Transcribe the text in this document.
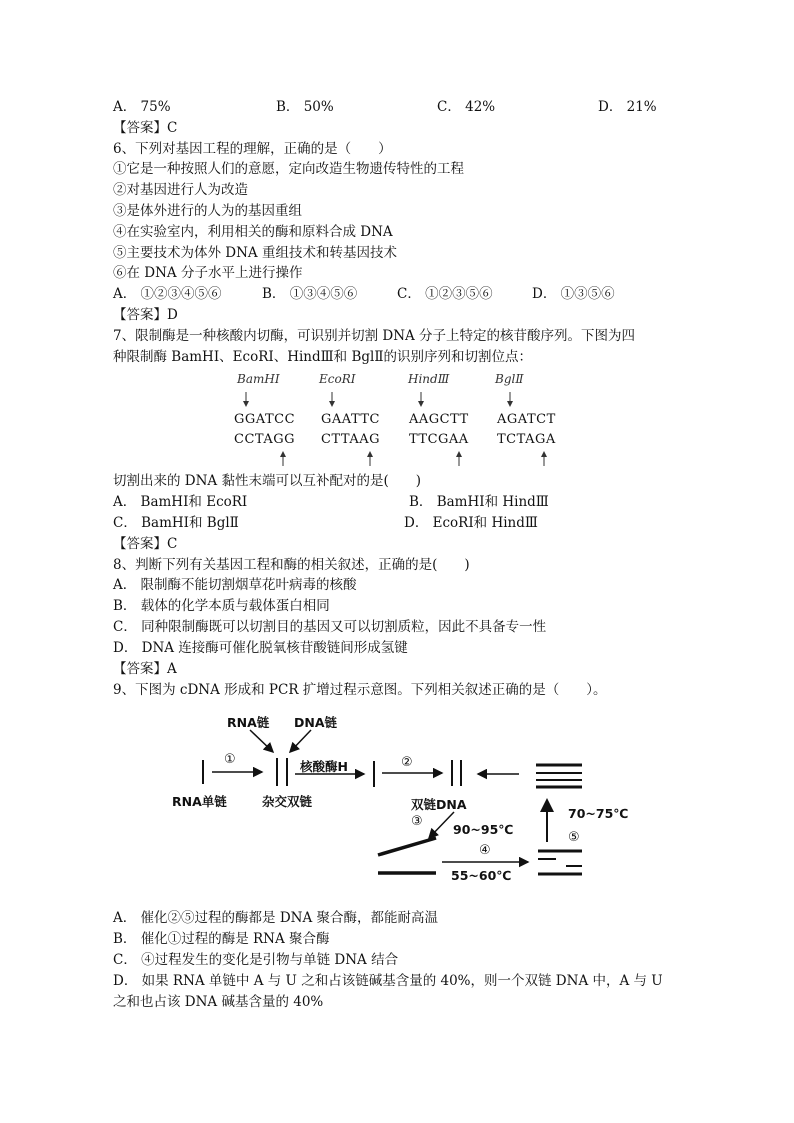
A． 75%	B． 50%	C． 42%	D． 21%
【答案】C
6、下列对基因工程的理解，正确的是（　　）
①它是一种按照人们的意愿，定向改造生物遗传特性的工程
②对基因进行人为改造
③是体外进行的人为的基因重组
④在实验室内，利用相关的酶和原料合成 DNA
⑤主要技术为体外 DNA 重组技术和转基因技术
⑥在 DNA 分子水平上进行操作
A． ①②③④⑤⑥	B． ①③④⑤⑥	C． ①②③⑤⑥	D． ①③⑤⑥
【答案】D
7、限制酶是一种核酸内切酶，可识别并切割 DNA 分子上特定的核苷酸序列。下图为四
种限制酶 BamHⅠ、EcoRⅠ、HindⅢ和 BglⅡ的识别序列和切割位点：
BamHⅠ	EcoRⅠ	HindⅢ	BglⅡ
GGATCC GAATTC AAGCTT AGATCT
CCTAGG CTTAAG TTCGAA TCTAGA
切割出来的 DNA 黏性末端可以互补配对的是(　　)
A． BamHⅠ和 EcoRⅠ	B． BamHⅠ和 HindⅢ
C． BamHⅠ和 BglⅡ	D． EcoRⅠ和 HindⅢ
【答案】C
8、判断下列有关基因工程和酶的相关叙述，正确的是(　　)
A． 限制酶不能切割烟草花叶病毒的核酸
B． 载体的化学本质与载体蛋白相同
C． 同种限制酶既可以切割目的基因又可以切割质粒，因此不具备专一性
D． DNA 连接酶可催化脱氧核苷酸链间形成氢键
【答案】A
9、下图为 cDNA 形成和 PCR 扩增过程示意图。下列相关叙述正确的是（　　）。
RNA链 DNA链
①	核酸酶H	②
RNA单链	杂交双链	双链DNA
③
90~95℃
70~75℃
⑤
④
55~60℃
A． 催化②⑤过程的酶都是 DNA 聚合酶，都能耐高温
B． 催化①过程的酶是 RNA 聚合酶
C． ④过程发生的变化是引物与单链 DNA 结合
D． 如果 RNA 单链中 A 与 U 之和占该链碱基含量的 40%，则一个双链 DNA 中，A 与 U
之和也占该 DNA 碱基含量的 40%
